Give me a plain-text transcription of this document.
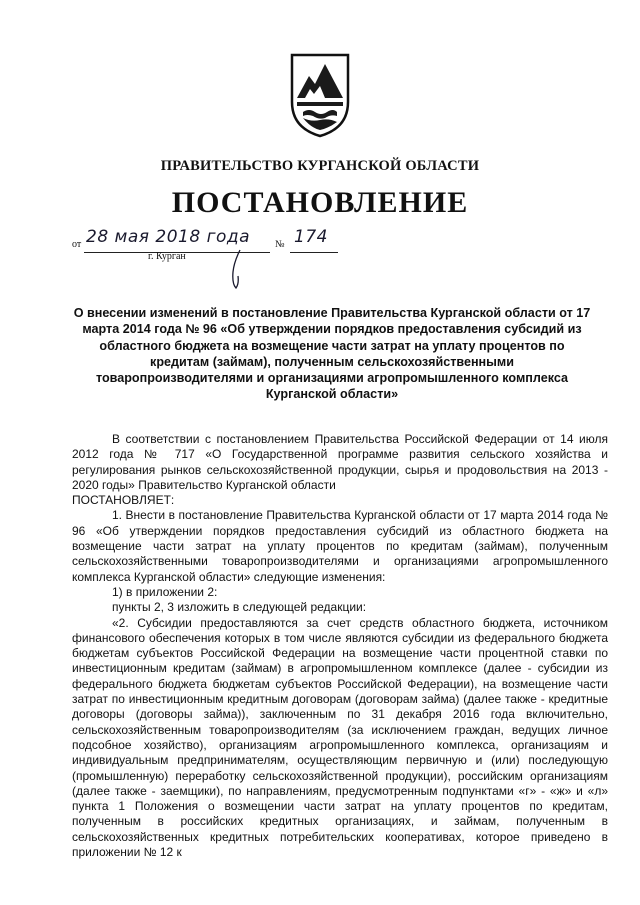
ПРАВИТЕЛЬСТВО КУРГАНСКОЙ ОБЛАСТИ
ПОСТАНОВЛЕНИЕ
от 28 мая 2018 года № 174
г. Курган
О внесении изменений в постановление Правительства Курганской области от 17 марта 2014 года № 96 «Об утверждении порядков предоставления субсидий из областного бюджета на возмещение части затрат на уплату процентов по кредитам (займам), полученным сельскохозяйственными товаропроизводителями и организациями агропромышленного комплекса Курганской области»

В соответствии с постановлением Правительства Российской Федерации от 14 июля 2012 года № 717 «О Государственной программе развития сельского хозяйства и регулирования рынков сельскохозяйственной продукции, сырья и продовольствия на 2013 - 2020 годы» Правительство Курганской области

ПОСТАНОВЛЯЕТ:

1. Внести в постановление Правительства Курганской области от 17 марта 2014 года № 96 «Об утверждении порядков предоставления субсидий из областного бюджета на возмещение части затрат на уплату процентов по кредитам (займам), полученным сельскохозяйственными товаропроизводителями и организациями агропромышленного комплекса Курганской области» следующие изменения:

1) в приложении 2:

пункты 2, 3 изложить в следующей редакции:

«2. Субсидии предоставляются за счет средств областного бюджета, источником финансового обеспечения которых в том числе являются субсидии из федерального бюджета бюджетам субъектов Российской Федерации на возмещение части процентной ставки по инвестиционным кредитам (займам) в агропромышленном комплексе (далее - субсидии из федерального бюджета бюджетам субъектов Российской Федерации), на возмещение части затрат по инвестиционным кредитным договорам (договорам займа) (далее также - кредитные договоры (договоры займа)), заключенным по 31 декабря 2016 года включительно, сельскохозяйственным товаропроизводителям (за исключением граждан, ведущих личное подсобное хозяйство), организациям агропромышленного комплекса, организациям и индивидуальным предпринимателям, осуществляющим первичную и (или) последующую (промышленную) переработку сельскохозяйственной продукции), российским организациям (далее также - заемщики), по направлениям, предусмотренным подпунктами «г» - «ж» и «л» пункта 1 Положения о возмещении части затрат на уплату процентов по кредитам, полученным в российских кредитных организациях, и займам, полученным в сельскохозяйственных кредитных потребительских кооперативах, которое приведено в приложении № 12 к
